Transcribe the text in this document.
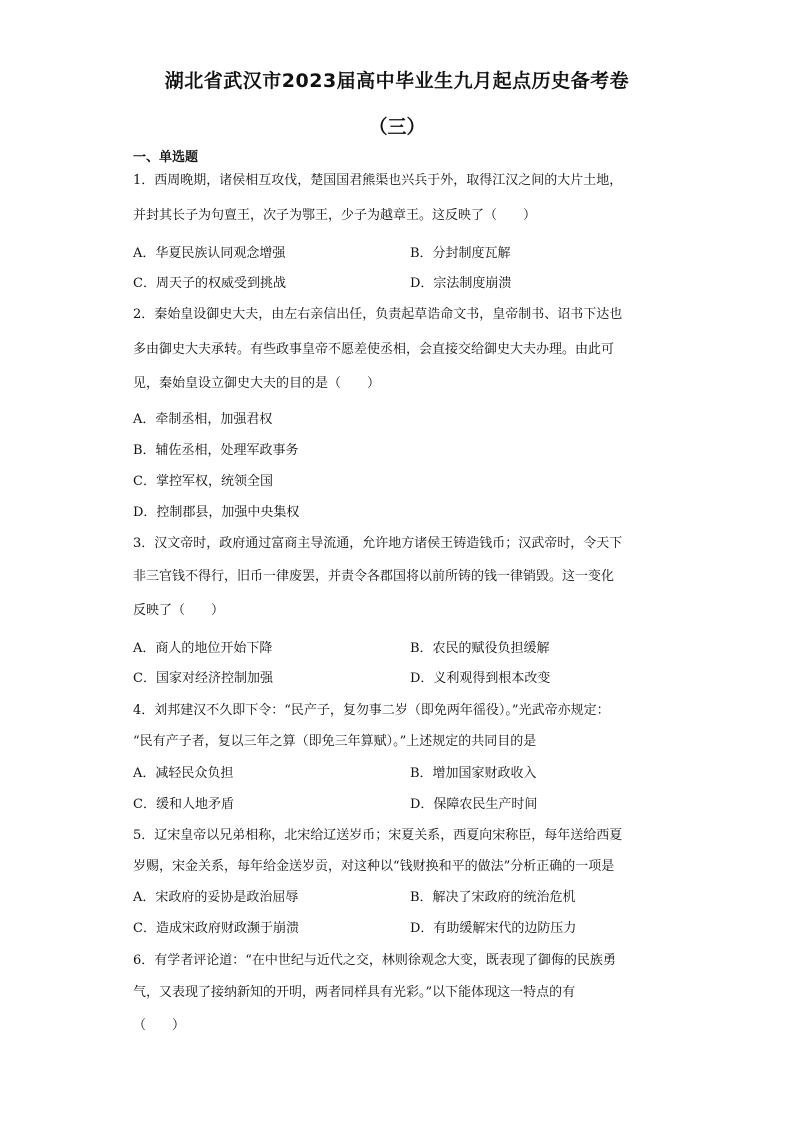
湖北省武汉市2023届高中毕业生九月起点历史备考卷
（三）
一、单选题
1．西周晚期，诸侯相互攻伐，楚国国君熊渠也兴兵于外，取得江汉之间的大片土地，
并封其长子为句亶王，次子为鄂王，少子为越章王。这反映了（　　）
A．华夏民族认同观念增强	B．分封制度瓦解
C．周天子的权威受到挑战	D．宗法制度崩溃
2．秦始皇设御史大夫，由左右亲信出任，负责起草诰命文书，皇帝制书、诏书下达也
多由御史大夫承转。有些政事皇帝不愿差使丞相，会直接交给御史大夫办理。由此可
见，秦始皇设立御史大夫的目的是（　　）
A．牵制丞相，加强君权
B．辅佐丞相，处理军政事务
C．掌控军权，统领全国
D．控制郡县，加强中央集权
3．汉文帝时，政府通过富商主导流通，允许地方诸侯王铸造钱币；汉武帝时，令天下
非三官钱不得行，旧币一律废罢，并责令各郡国将以前所铸的钱一律销毁。这一变化
反映了（　　）
A．商人的地位开始下降	B．农民的赋役负担缓解
C．国家对经济控制加强	D．义利观得到根本改变
4．刘邦建汉不久即下令：“民产子，复勿事二岁（即免两年徭役）。”光武帝亦规定：
“民有产子者，复以三年之算（即免三年算赋）。”上述规定的共同目的是
A．减轻民众负担	B．增加国家财政收入
C．缓和人地矛盾	D．保障农民生产时间
5．辽宋皇帝以兄弟相称，北宋给辽送岁币；宋夏关系，西夏向宋称臣，每年送给西夏
岁赐，宋金关系，每年给金送岁贡，对这种以“钱财换和平的做法”分析正确的一项是
A．宋政府的妥协是政治屈辱	B．解决了宋政府的统治危机
C．造成宋政府财政濒于崩溃	D．有助缓解宋代的边防压力
6．有学者评论道：“在中世纪与近代之交，林则徐观念大变，既表现了御侮的民族勇
气，又表现了接纳新知的开明，两者同样具有光彩。”以下能体现这一特点的有
（　　）
